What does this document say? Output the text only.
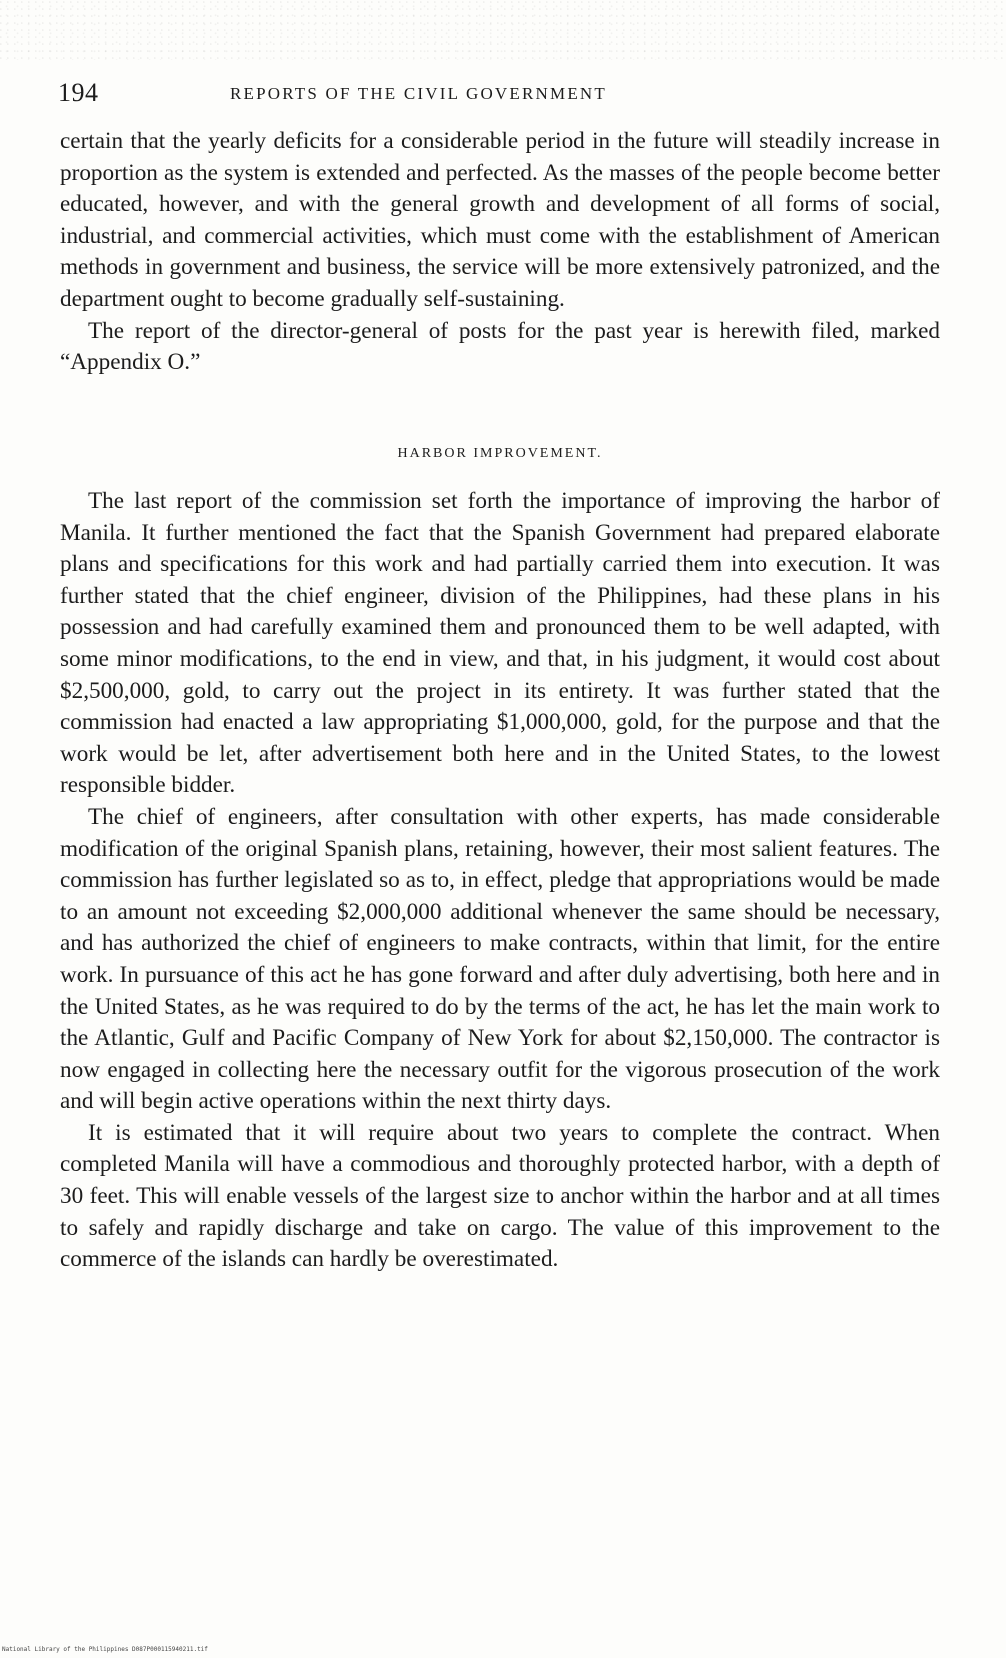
194	REPORTS OF THE CIVIL GOVERNMENT

certain that the yearly deficits for a considerable period in the future will steadily increase in proportion as the system is extended and perfected. As the masses of the people become better educated, however, and with the general growth and development of all forms of social, industrial, and commercial activities, which must come with the establishment of American methods in government and business, the service will be more extensively patronized, and the department ought to become gradually self-sustaining.

The report of the director-general of posts for the past year is herewith filed, marked “Appendix O.”

HARBOR IMPROVEMENT.

The last report of the commission set forth the importance of improving the harbor of Manila. It further mentioned the fact that the Spanish Government had prepared elaborate plans and specifications for this work and had partially carried them into execution. It was further stated that the chief engineer, division of the Philippines, had these plans in his possession and had carefully examined them and pronounced them to be well adapted, with some minor modifications, to the end in view, and that, in his judgment, it would cost about $2,500,000, gold, to carry out the project in its entirety. It was further stated that the commission had enacted a law appropriating $1,000,000, gold, for the purpose and that the work would be let, after advertisement both here and in the United States, to the lowest responsible bidder.

The chief of engineers, after consultation with other experts, has made considerable modification of the original Spanish plans, retaining, however, their most salient features. The commission has further legislated so as to, in effect, pledge that appropriations would be made to an amount not exceeding $2,000,000 additional whenever the same should be necessary, and has authorized the chief of engineers to make contracts, within that limit, for the entire work. In pursuance of this act he has gone forward and after duly advertising, both here and in the United States, as he was required to do by the terms of the act, he has let the main work to the Atlantic, Gulf and Pacific Company of New York for about $2,150,000. The contractor is now engaged in collecting here the necessary outfit for the vigorous prosecution of the work and will begin active operations within the next thirty days.

It is estimated that it will require about two years to complete the contract. When completed Manila will have a commodious and thoroughly protected harbor, with a depth of 30 feet. This will enable vessels of the largest size to anchor within the harbor and at all times to safely and rapidly discharge and take on cargo. The value of this improvement to the commerce of the islands can hardly be overestimated.

National Library of the Philippines D087P000115940211.tif
